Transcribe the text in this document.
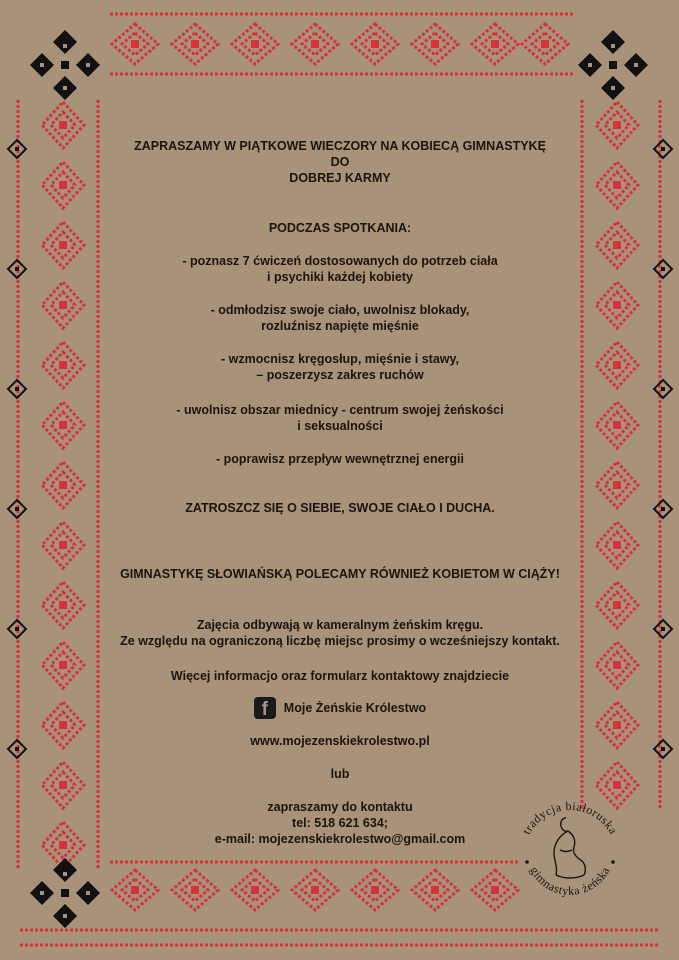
ZAPRASZAMY W PIĄTKOWE WIECZORY NA KOBIECĄ GIMNASTYKĘ
DO
DOBREJ KARMY
PODCZAS SPOTKANIA:
- poznasz 7 ćwiczeń dostosowanych do potrzeb ciała
i psychiki każdej kobiety
- odmłodzisz swoje ciało, uwolnisz blokady,
rozluźnisz napięte mięśnie
- wzmocnisz kręgosłup, mięśnie i stawy,
– poszerzysz zakres ruchów
- uwolnisz obszar miednicy - centrum swojej żeńskości
i seksualności
- poprawisz przepływ wewnętrznej energii
ZATROSZCZ SIĘ O SIEBIE, SWOJE CIAŁO I DUCHA.
GIMNASTYKĘ SŁOWIAŃSKĄ POLECAMY RÓWNIEŻ KOBIETOM W CIĄŻY!
Zajęcia odbywają w kameralnym żeńskim kręgu.
Ze względu na ograniczoną liczbę miejsc prosimy o wcześniejszy kontakt.
Więcej informacjo oraz formularz kontaktowy znajdziecie
f	Moje Żeńskie Królestwo
www.mojezenskiekrolestwo.pl
lub
zapraszamy do kontaktu
tel: 518 621 634;
e-mail: mojezenskiekrolestwo@gmail.com
tradycja białoruska
gimnastyka żeńska
